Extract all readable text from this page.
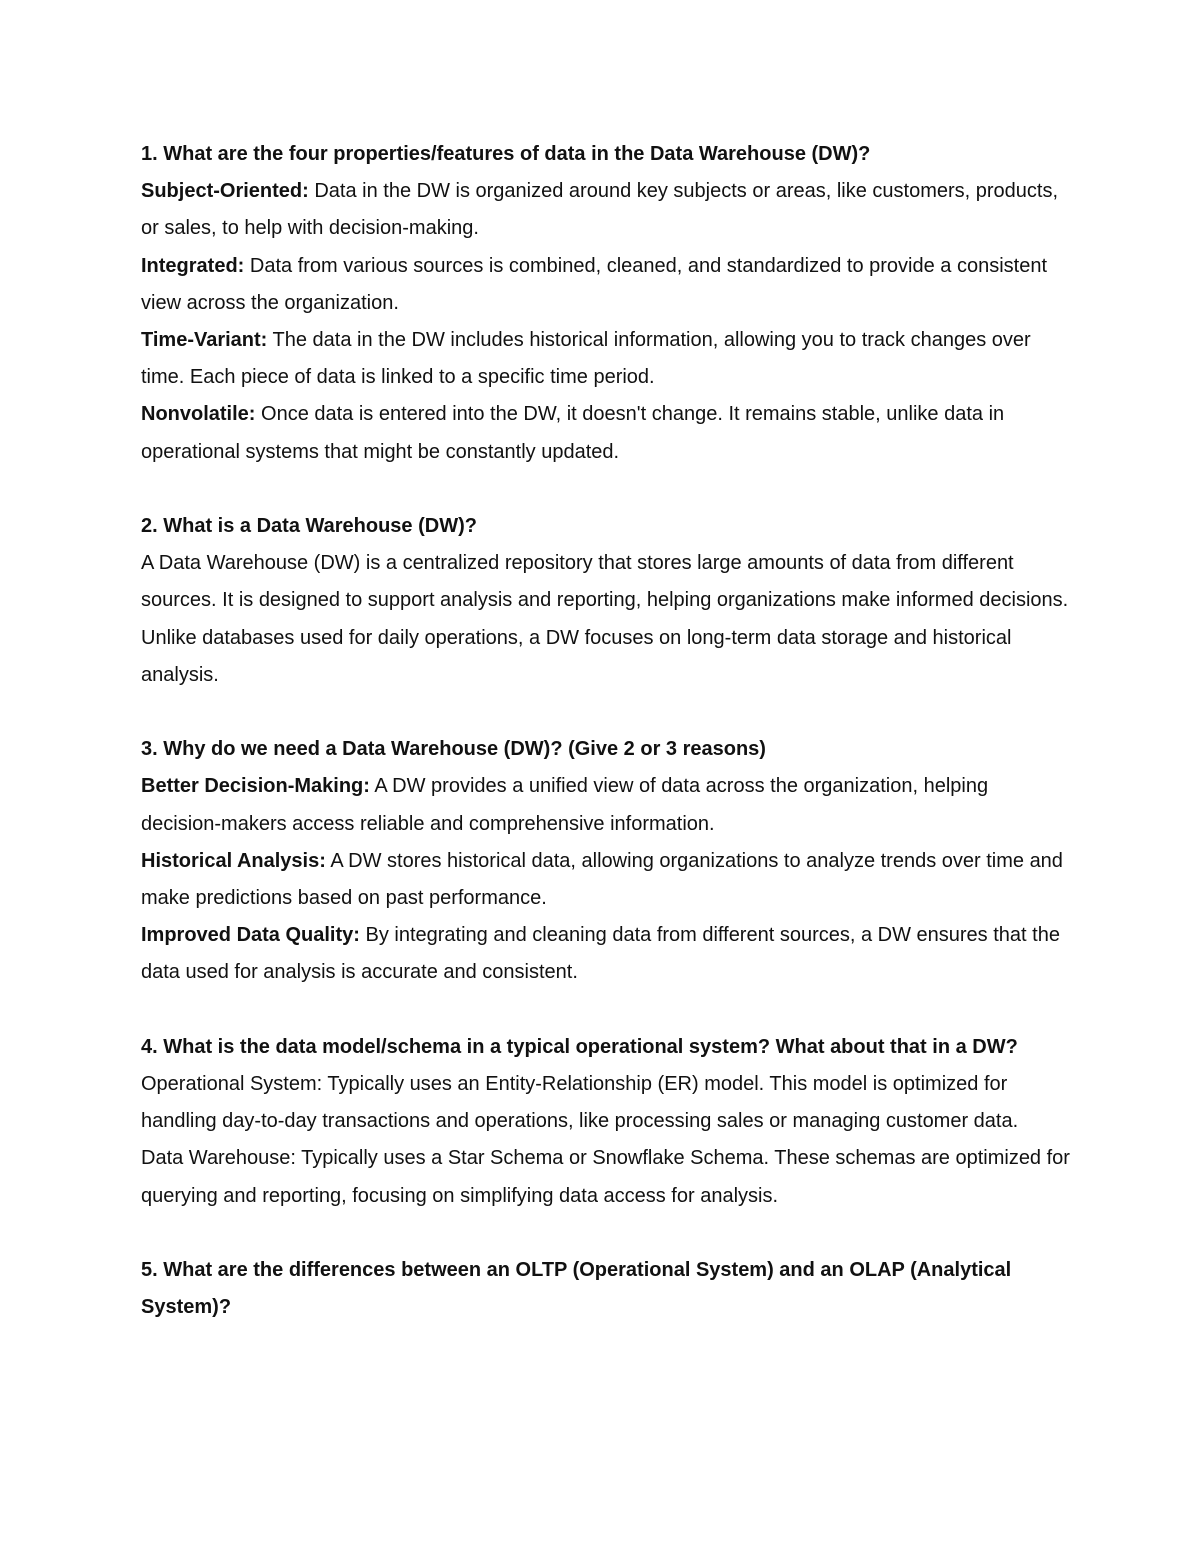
1. What are the four properties/features of data in the Data Warehouse (DW)?

Subject-Oriented: Data in the DW is organized around key subjects or areas, like customers, products, or sales, to help with decision-making.

Integrated: Data from various sources is combined, cleaned, and standardized to provide a consistent view across the organization.

Time-Variant: The data in the DW includes historical information, allowing you to track changes over time. Each piece of data is linked to a specific time period.

Nonvolatile: Once data is entered into the DW, it doesn't change. It remains stable, unlike data in operational systems that might be constantly updated.

2. What is a Data Warehouse (DW)?

A Data Warehouse (DW) is a centralized repository that stores large amounts of data from different sources. It is designed to support analysis and reporting, helping organizations make informed decisions. Unlike databases used for daily operations, a DW focuses on long-term data storage and historical analysis.

3. Why do we need a Data Warehouse (DW)? (Give 2 or 3 reasons)

Better Decision-Making: A DW provides a unified view of data across the organization, helping decision-makers access reliable and comprehensive information.

Historical Analysis: A DW stores historical data, allowing organizations to analyze trends over time and make predictions based on past performance.

Improved Data Quality: By integrating and cleaning data from different sources, a DW ensures that the data used for analysis is accurate and consistent.

4. What is the data model/schema in a typical operational system? What about that in a DW?

Operational System: Typically uses an Entity-Relationship (ER) model. This model is optimized for handling day-to-day transactions and operations, like processing sales or managing customer data.

Data Warehouse: Typically uses a Star Schema or Snowflake Schema. These schemas are optimized for querying and reporting, focusing on simplifying data access for analysis.

5. What are the differences between an OLTP (Operational System) and an OLAP (Analytical System)?
